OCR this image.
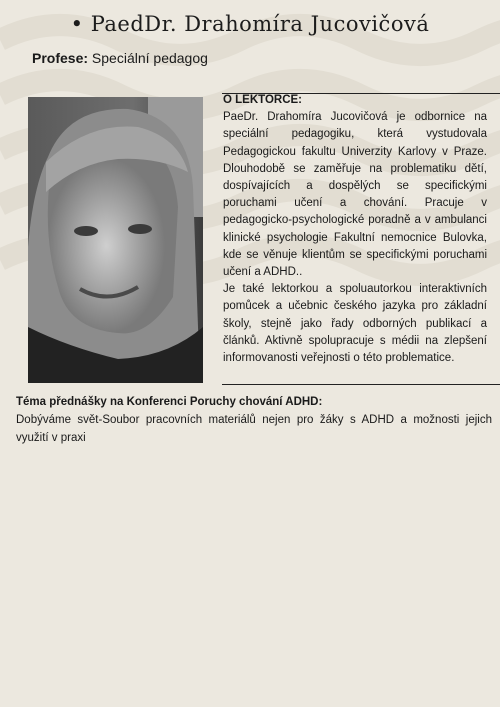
• PaedDr. Drahomíra Jucovičová
Profese: Speciální pedagog
O LEKTORCE:

PaeDr. Drahomíra Jucovičová je odbornice na speciální pedagogiku, která vystudovala Pedagogickou fakultu Univerzity Karlovy v Praze. Dlouhodobě se zaměřuje na problematiku dětí, dospívajících a dospělých se specifickými poruchami učení a chování. Pracuje v pedagogicko-psychologické poradně a v ambulanci klinické psychologie Fakultní nemocnice Bulovka, kde se věnuje klientům se specifickými poruchami učení a ADHD..

Je také lektorkou a spoluautorkou interaktivních pomůcek a učebnic českého jazyka pro základní školy, stejně jako řady odborných publikací a článků. Aktivně spolupracuje s médii na zlepšení informovanosti veřejnosti o této problematice.

Téma přednášky na Konferenci Poruchy chování ADHD:
Dobýváme svět-Soubor pracovních materiálů nejen pro žáky s ADHD a možnosti jejich využití v praxi
